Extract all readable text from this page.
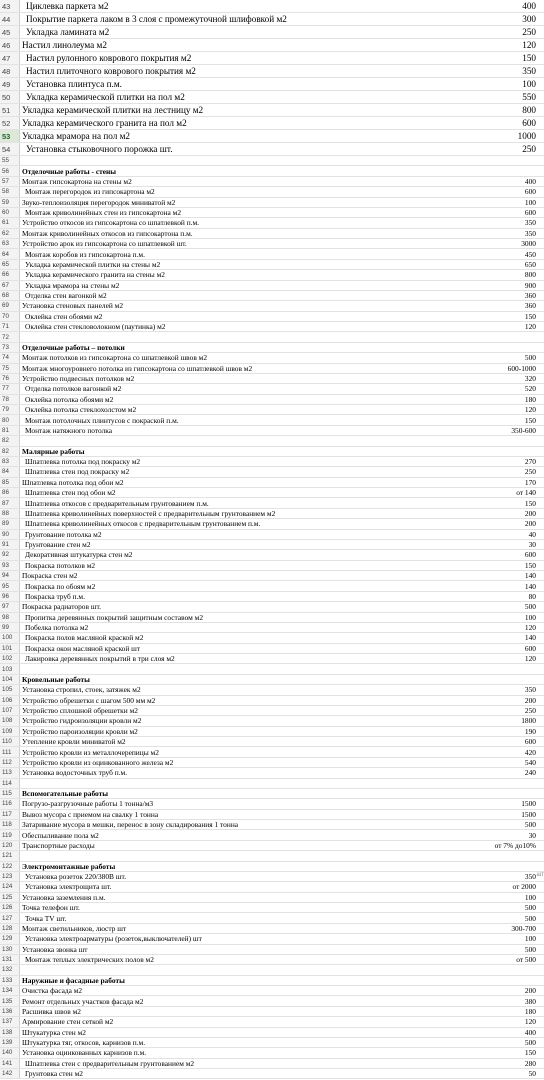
43	Циклевка паркета м2	400
44	Покрытие паркета лаком в 3 слоя с промежуточной шлифовкой м2	300
45	Укладка ламината м2	250
46	Настил линолеума м2	120
47	Настил рулонного коврового покрытия м2	150
48	Настил плиточного коврового покрытия м2	350
49	Установка плинтуса п.м.	100
50	Укладка керамической плитки на пол м2	550
51	Укладка керамической плитки на лестницу м2	800
52	Укладка керамического гранита на пол м2	600
53	Укладка мрамора на пол м2	1000
54	Установка стыковочного порожка шт.	250
55
56	Отделочные работы - стены
57	Монтаж гипсокартона на стены м2	400
58	Монтаж перегородок из гипсокартона м2	600
59	Звуко-теплоизоляция перегородок миниватой м2	100
60	Монтаж криволинейных стен из гипсокартона м2	600
61	Устройство откосов из гипсокартона со шпатлевкой п.м.	350
62	Монтаж криволинейных откосов из гипсокартона п.м.	350
63	Устройство арок из гипсокартона со шпатлевкой шт.	3000
64	Монтаж коробов из гипсокартона п.м.	450
65	Укладка керамической плитки на стены м2	650
66	Укладка керамического гранита на стены м2	800
67	Укладка мрамора на стены м2	900
68	Отделка стен вагонкой м2	360
69	Установка стеновых панелей м2	360
70	Оклейка стен обоями м2	150
71	Оклейка стен стекловолокном (паутинка) м2	120
72
73	Отделочные работы – потолки
74	Монтаж потолков из гипсокартона со шпатлевкой швов м2	500
75	Монтаж многоуровнего потолка из гипсокартона со шпатлевкой швов м2	600-1000
76	Устройство подвесных потолков м2	320
77	Отделка потолков вагонкой м2	520
78	Оклейка потолка обоями м2	180
79	Оклейка потолка стеклохолстом м2	120
80	Монтаж потолочных плинтусов с покраской п.м.	150
81	Монтаж натяжного потолка	350-600
82
82	Малярные работы
83	Шпатлевка потолка под покраску м2	270
84	Шпатлевка стен под покраску м2	250
85	Шпатлевка потолка под обои м2	170
86	Шпатлевка стен под обои м2	от 140
87	Шпатлевка откосов с предварительным грунтованием п.м.	150
88	Шпатлевка криволинейных поверхностей с предварительным грунтованием м2	200
89	Шпатлевка криволинейных откосов с предварительным грунтованием п.м.	200
90	Грунтование потолка м2	40
91	Грунтование стен м2	30
92	Декоративная штукатурка стен м2	600
93	Покраска потолков м2	150
94	Покраска стен м2	140
95	Покраска по обоям м2	140
96	Покраска труб п.м.	80
97	Покраска радиаторов шт.	500
98	Пропитка деревянных покрытий защитным составом м2	100
99	Побелка потолка м2	120
100	Покраска полов масляной краской м2	140
101	Покраска окон масляной краской шт	600
102	Лакировка деревянных покрытий в три слоя м2	120
103
104	Кровельные работы
105	Установка стропил, стоек, затяжек м2	350
106	Устройство обрешетки с шагом 500 мм м2	200
107	Устройство сплошной обрешетки м2	250
108	Устройство гидроизоляции кровли м2	1800
109	Устройство пароизоляции кровли м2	190
110	Утепление кровли миниватой м2	600
111	Устройство кровли из металлочерепицы м2	420
112	Устройство кровли из оцинкованного железа м2	540
113	Установка водосточных труб п.м.	240
114
115	Вспомогательные работы
116	Погрузо-разгрузочные работы 1 тонна/м3	1500
117	Вывоз мусора с приемом на свалку 1 тонна	1500
118	Затаривание мусора в мешки, перенос в зону складирования 1 тонна	500
119	Обеспыливание пола м2	30
120	Транспортные расходы	от 7% до10%
121
122	Электромонтажные работы
123	Установка розеток 220/380В шт.	350 шт
124	Установка электрощита шт.	от 2000
125	Установка заземления п.м.	100
126	Точка телефон шт.	500
127	Точка TV шт.	500
128	Монтаж светильников, люстр шт	300-700
129	Установка электроарматуры (розеток,выключателей) шт	100
130	Установка звонка шт	500
131	Монтаж теплых электрических полов м2	от 500
132
133	Наружные и фасадные работы
134	Очистка фасада м2	200
135	Ремонт отдельных участков фасада м2	380
136	Расшивка швов м2	180
137	Армирование стен сеткой м2	120
138	Штукатурка стен м2	400
139	Штукатурка тяг, откосов, карнизов п.м.	500
140	Установка оцинкованных карнизов п.м.	150
141	Шпатлевка стен с предварительным грунтованием м2	280
142	Грунтовка стен м2	50
